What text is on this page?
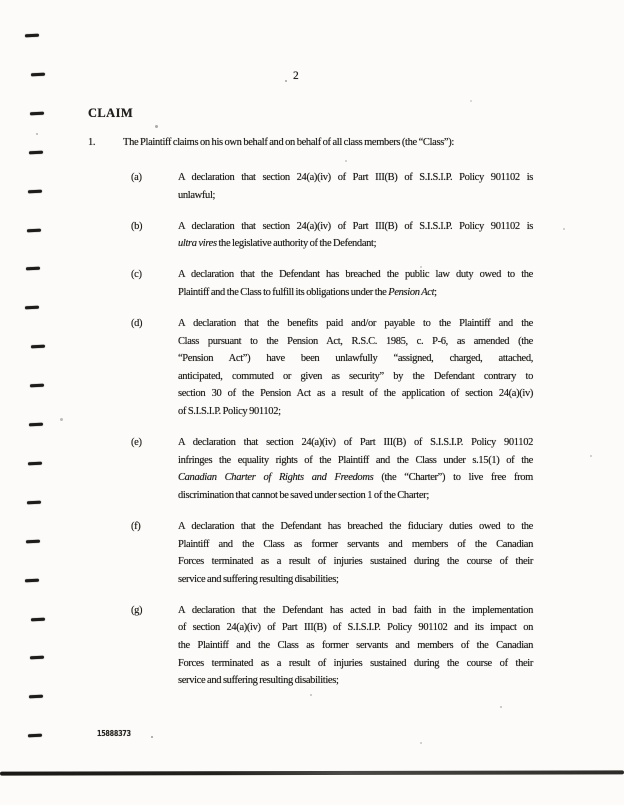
2
CLAIM
1.	The Plaintiff claims on his own behalf and on behalf of all class members (the “Class”):
(a)	A declaration that section 24(a)(iv) of Part III(B) of S.I.S.I.P. Policy 901102 is
unlawful;
(b)	A declaration that section 24(a)(iv) of Part III(B) of S.I.S.I.P. Policy 901102 is
ultra vires the legislative authority of the Defendant;
(c)	A declaration that the Defendant has breached the public law duty owed to the
Plaintiff and the Class to fulfill its obligations under the Pension Act;
(d)	A declaration that the benefits paid and/or payable to the Plaintiff and the
Class pursuant to the Pension Act, R.S.C. 1985, c. P-6, as amended (the
“Pension Act”) have been unlawfully “assigned, charged, attached,
anticipated, commuted or given as security” by the Defendant contrary to
section 30 of the Pension Act as a result of the application of section 24(a)(iv)
of S.I.S.I.P. Policy 901102;
(e)	A declaration that section 24(a)(iv) of Part III(B) of S.I.S.I.P. Policy 901102
infringes the equality rights of the Plaintiff and the Class under s.15(1) of the
Canadian Charter of Rights and Freedoms (the “Charter”) to live free from
discrimination that cannot be saved under section 1 of the Charter;
(f)	A declaration that the Defendant has breached the fiduciary duties owed to the
Plaintiff and the Class as former servants and members of the Canadian
Forces terminated as a result of injuries sustained during the course of their
service and suffering resulting disabilities;
(g)	A declaration that the Defendant has acted in bad faith in the implementation
of section 24(a)(iv) of Part III(B) of S.I.S.I.P. Policy 901102 and its impact on
the Plaintiff and the Class as former servants and members of the Canadian
Forces terminated as a result of injuries sustained during the course of their
service and suffering resulting disabilities;
15888373
